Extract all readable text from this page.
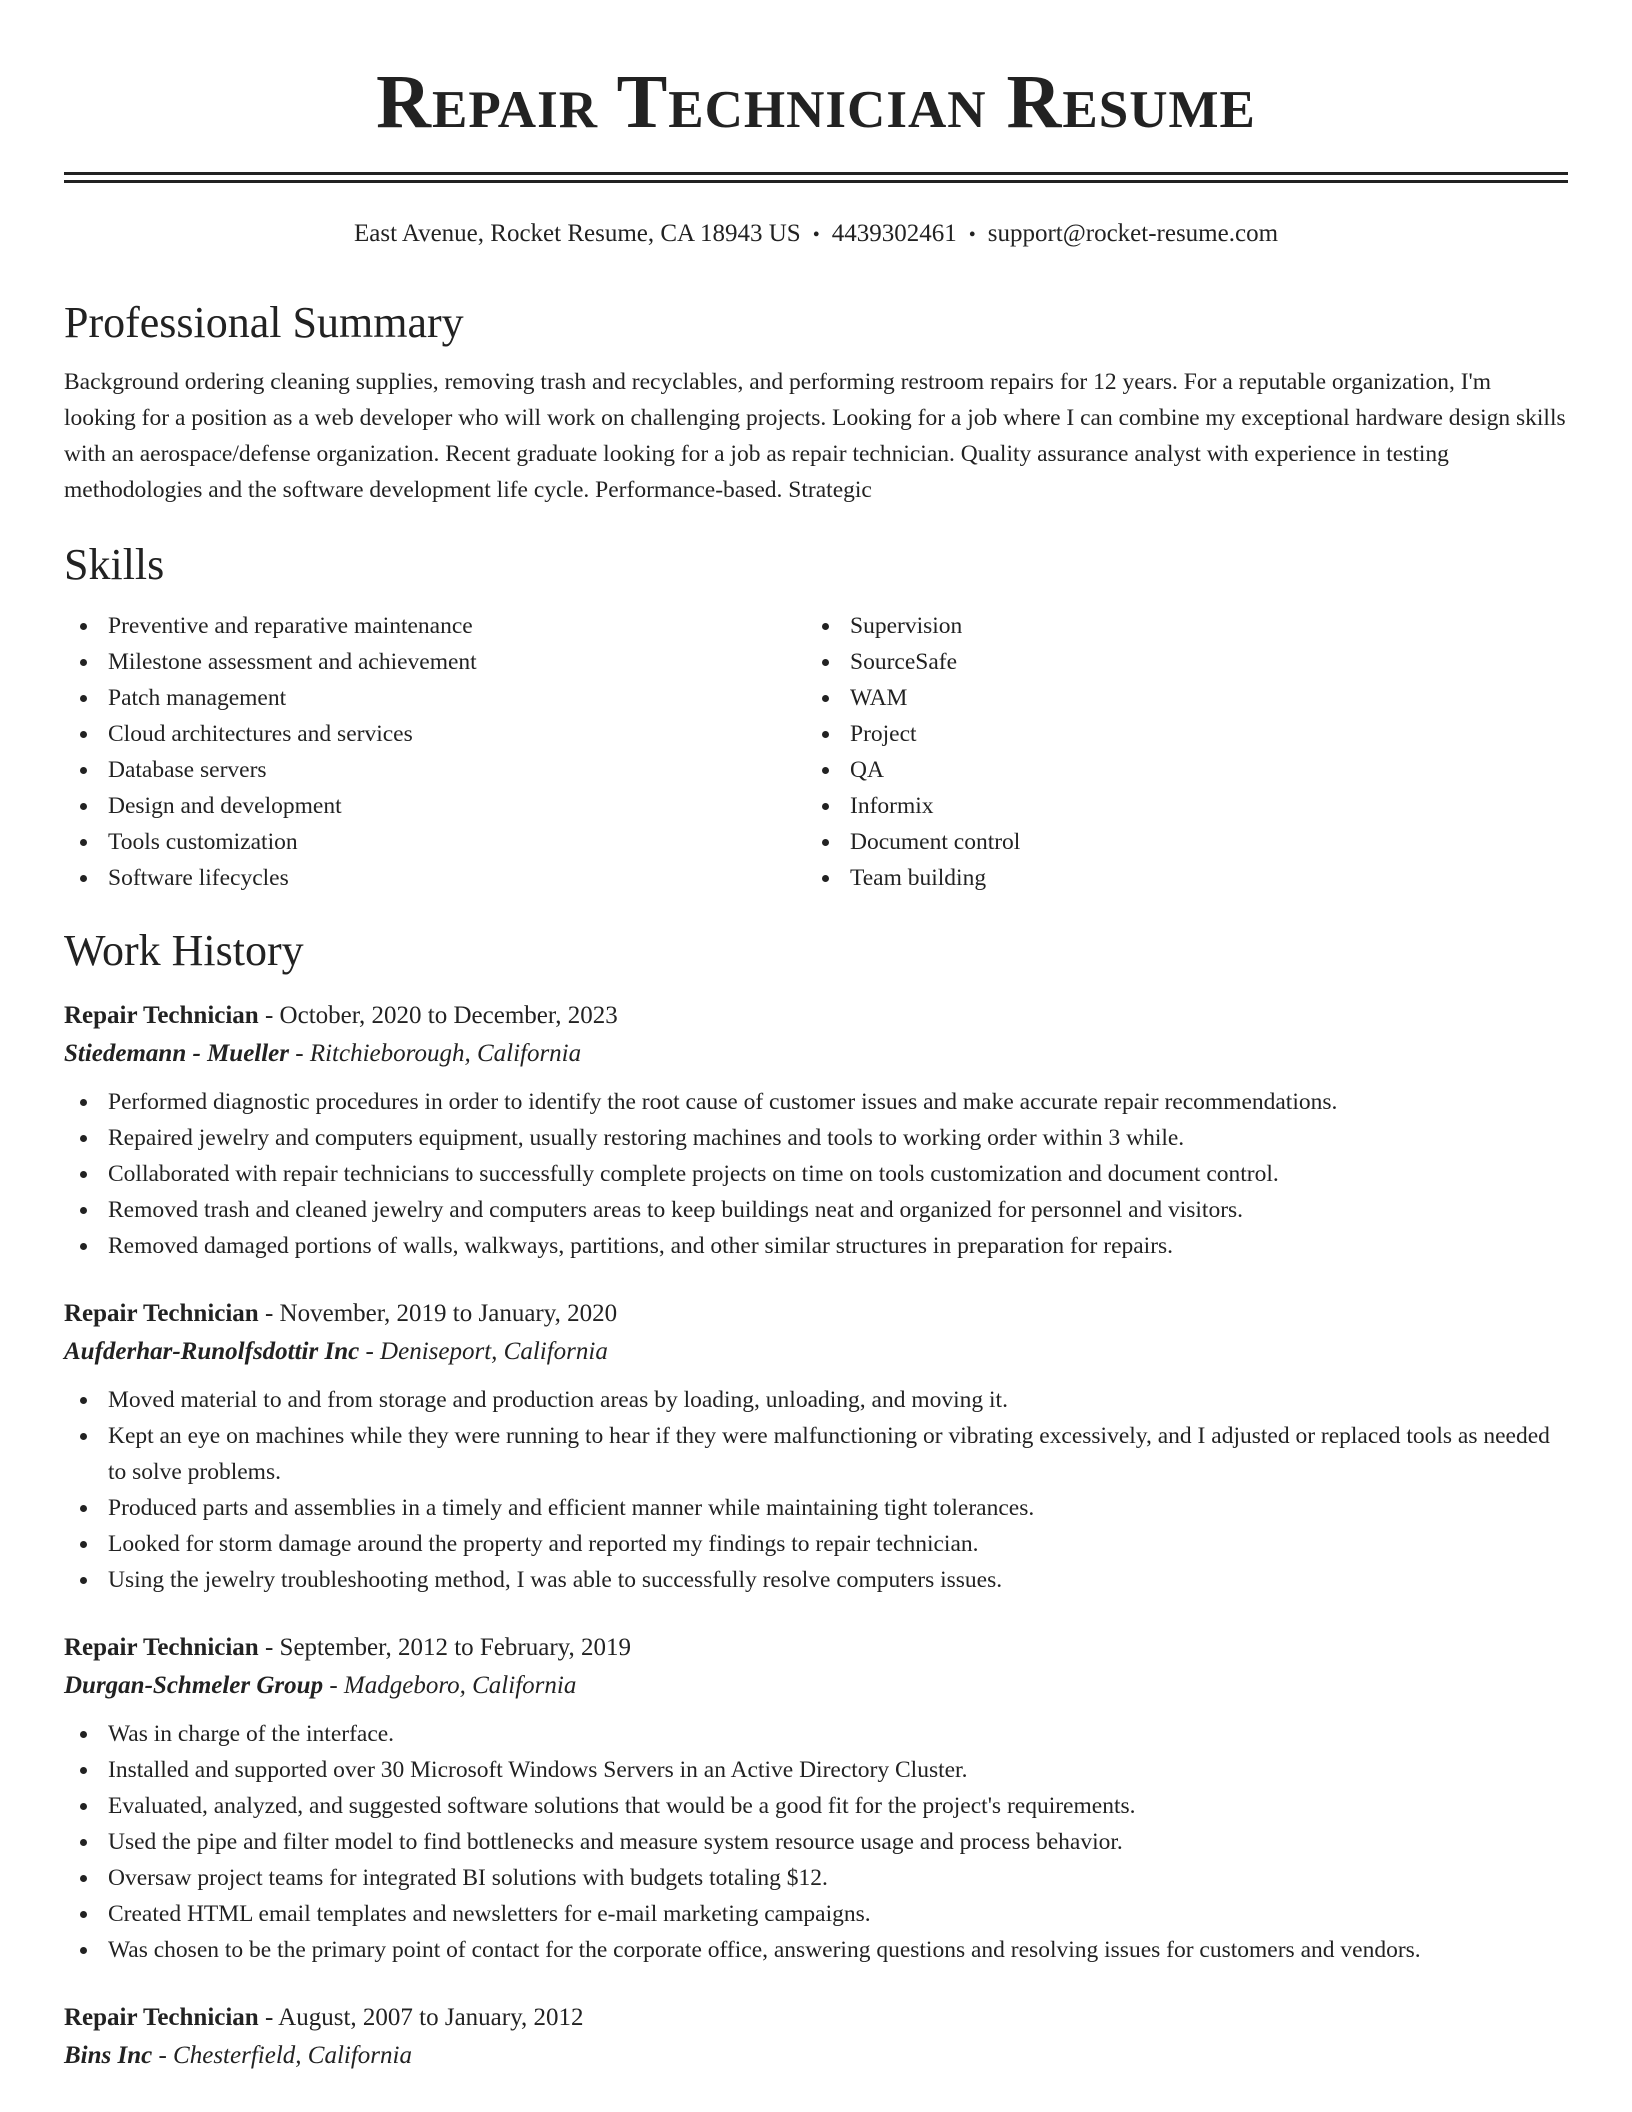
Repair Technician Resume
East Avenue, Rocket Resume, CA 18943 US • 4439302461 • support@rocket-resume.com
Professional Summary
Background ordering cleaning supplies, removing trash and recyclables, and performing restroom repairs for 12 years. For a reputable organization, I'm looking for a position as a web developer who will work on challenging projects. Looking for a job where I can combine my exceptional hardware design skills with an aerospace/defense organization. Recent graduate looking for a job as repair technician. Quality assurance analyst with experience in testing methodologies and the software development life cycle. Performance-based. Strategic
Skills
Preventive and reparative maintenance
Milestone assessment and achievement
Patch management
Cloud architectures and services
Database servers
Design and development
Tools customization
Software lifecycles
Supervision
SourceSafe
WAM
Project
QA
Informix
Document control
Team building
Work History
Repair Technician - October, 2020 to December, 2023
Stiedemann - Mueller - Ritchieborough, California
Performed diagnostic procedures in order to identify the root cause of customer issues and make accurate repair recommendations.
Repaired jewelry and computers equipment, usually restoring machines and tools to working order within 3 while.
Collaborated with repair technicians to successfully complete projects on time on tools customization and document control.
Removed trash and cleaned jewelry and computers areas to keep buildings neat and organized for personnel and visitors.
Removed damaged portions of walls, walkways, partitions, and other similar structures in preparation for repairs.
Repair Technician - November, 2019 to January, 2020
Aufderhar-Runolfsdottir Inc - Deniseport, California
Moved material to and from storage and production areas by loading, unloading, and moving it.
Kept an eye on machines while they were running to hear if they were malfunctioning or vibrating excessively, and I adjusted or replaced tools as needed to solve problems.
Produced parts and assemblies in a timely and efficient manner while maintaining tight tolerances.
Looked for storm damage around the property and reported my findings to repair technician.
Using the jewelry troubleshooting method, I was able to successfully resolve computers issues.
Repair Technician - September, 2012 to February, 2019
Durgan-Schmeler Group - Madgeboro, California
Was in charge of the interface.
Installed and supported over 30 Microsoft Windows Servers in an Active Directory Cluster.
Evaluated, analyzed, and suggested software solutions that would be a good fit for the project's requirements.
Used the pipe and filter model to find bottlenecks and measure system resource usage and process behavior.
Oversaw project teams for integrated BI solutions with budgets totaling $12.
Created HTML email templates and newsletters for e-mail marketing campaigns.
Was chosen to be the primary point of contact for the corporate office, answering questions and resolving issues for customers and vendors.
Repair Technician - August, 2007 to January, 2012
Bins Inc - Chesterfield, California
